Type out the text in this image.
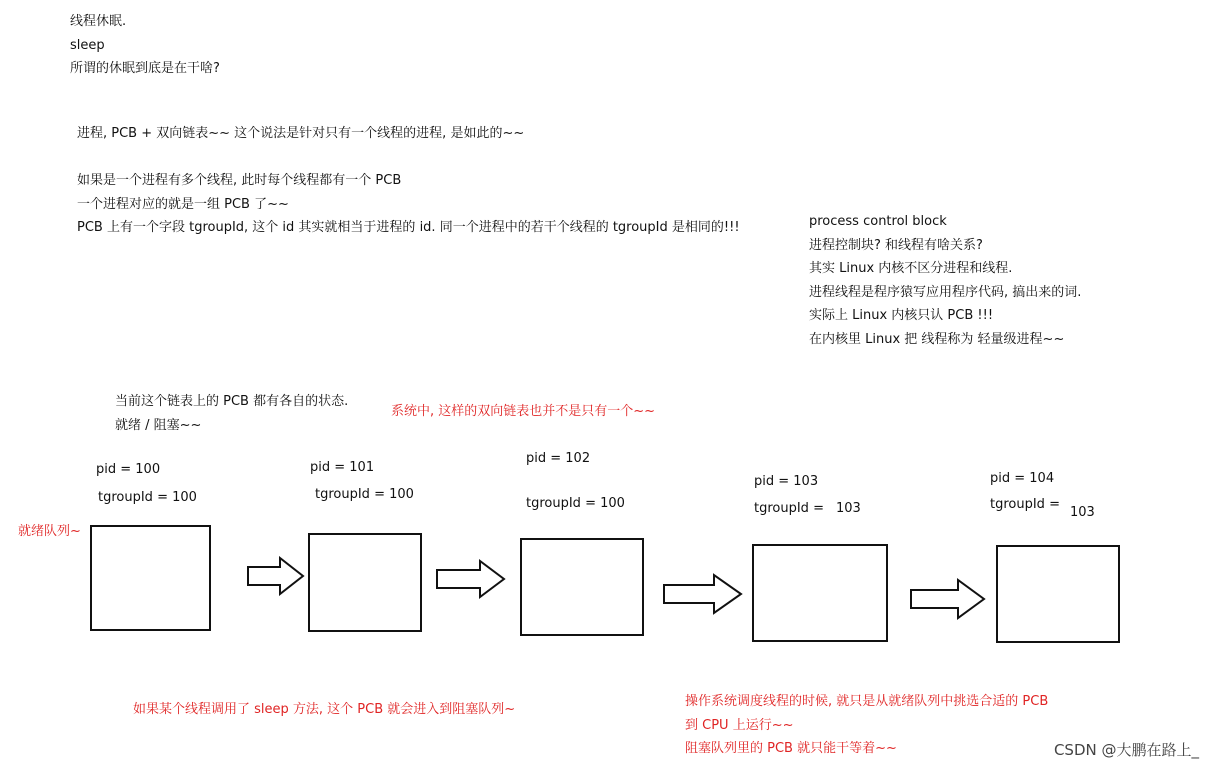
线程休眠.
sleep
所谓的休眠到底是在干啥?
进程, PCB + 双向链表~~ 这个说法是针对只有一个线程的进程, 是如此的~~
如果是一个进程有多个线程, 此时每个线程都有一个 PCB
一个进程对应的就是一组 PCB 了~~
PCB 上有一个字段 tgroupId, 这个 id 其实就相当于进程的 id. 同一个进程中的若干个线程的 tgroupId 是相同的!!!	process control block
进程控制块? 和线程有啥关系?
其实 Linux 内核不区分进程和线程.
进程线程是程序猿写应用程序代码, 搞出来的词.
实际上 Linux 内核只认 PCB !!!
在内核里 Linux 把 线程称为 轻量级进程~~
当前这个链表上的 PCB 都有各自的状态.
就绪 / 阻塞~~
系统中, 这样的双向链表也并不是只有一个~~
就绪队列~
pid = 100
tgroupId = 100
pid = 101
tgroupId = 100
pid = 102
tgroupId = 100
pid = 103
tgroupId = 103
pid = 104
tgroupId =
103
如果某个线程调用了 sleep 方法, 这个 PCB 就会进入到阻塞队列~
操作系统调度线程的时候, 就只是从就绪队列中挑选合适的 PCB
到 CPU 上运行~~
阻塞队列里的 PCB 就只能干等着~~	CSDN @大鹏在路上_
